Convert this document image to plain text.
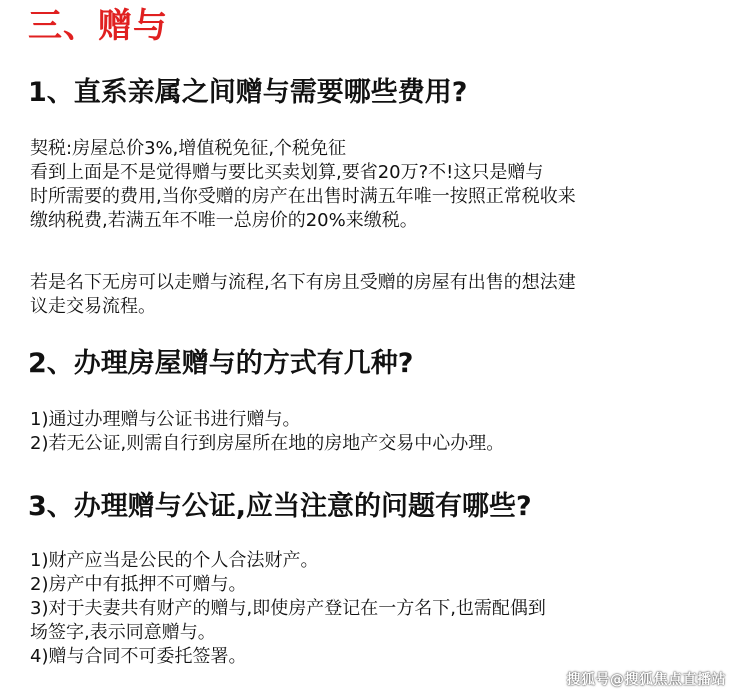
三、赠与
1、直系亲属之间赠与需要哪些费用?
契税:房屋总价3%,增值税免征,个税免征
看到上面是不是觉得赠与要比买卖划算,要省20万?不!这只是赠与
时所需要的费用,当你受赠的房产在出售时满五年唯一按照正常税收来
缴纳税费,若满五年不唯一总房价的20%来缴税。
若是名下无房可以走赠与流程,名下有房且受赠的房屋有出售的想法建
议走交易流程。
2、办理房屋赠与的方式有几种?
1)通过办理赠与公证书进行赠与。
2)若无公证,则需自行到房屋所在地的房地产交易中心办理。
3、办理赠与公证,应当注意的问题有哪些?
1)财产应当是公民的个人合法财产。
2)房产中有抵押不可赠与。
3)对于夫妻共有财产的赠与,即使房产登记在一方名下,也需配偶到
场签字,表示同意赠与。
4)赠与合同不可委托签署。
搜狐号@搜狐焦点直播站
